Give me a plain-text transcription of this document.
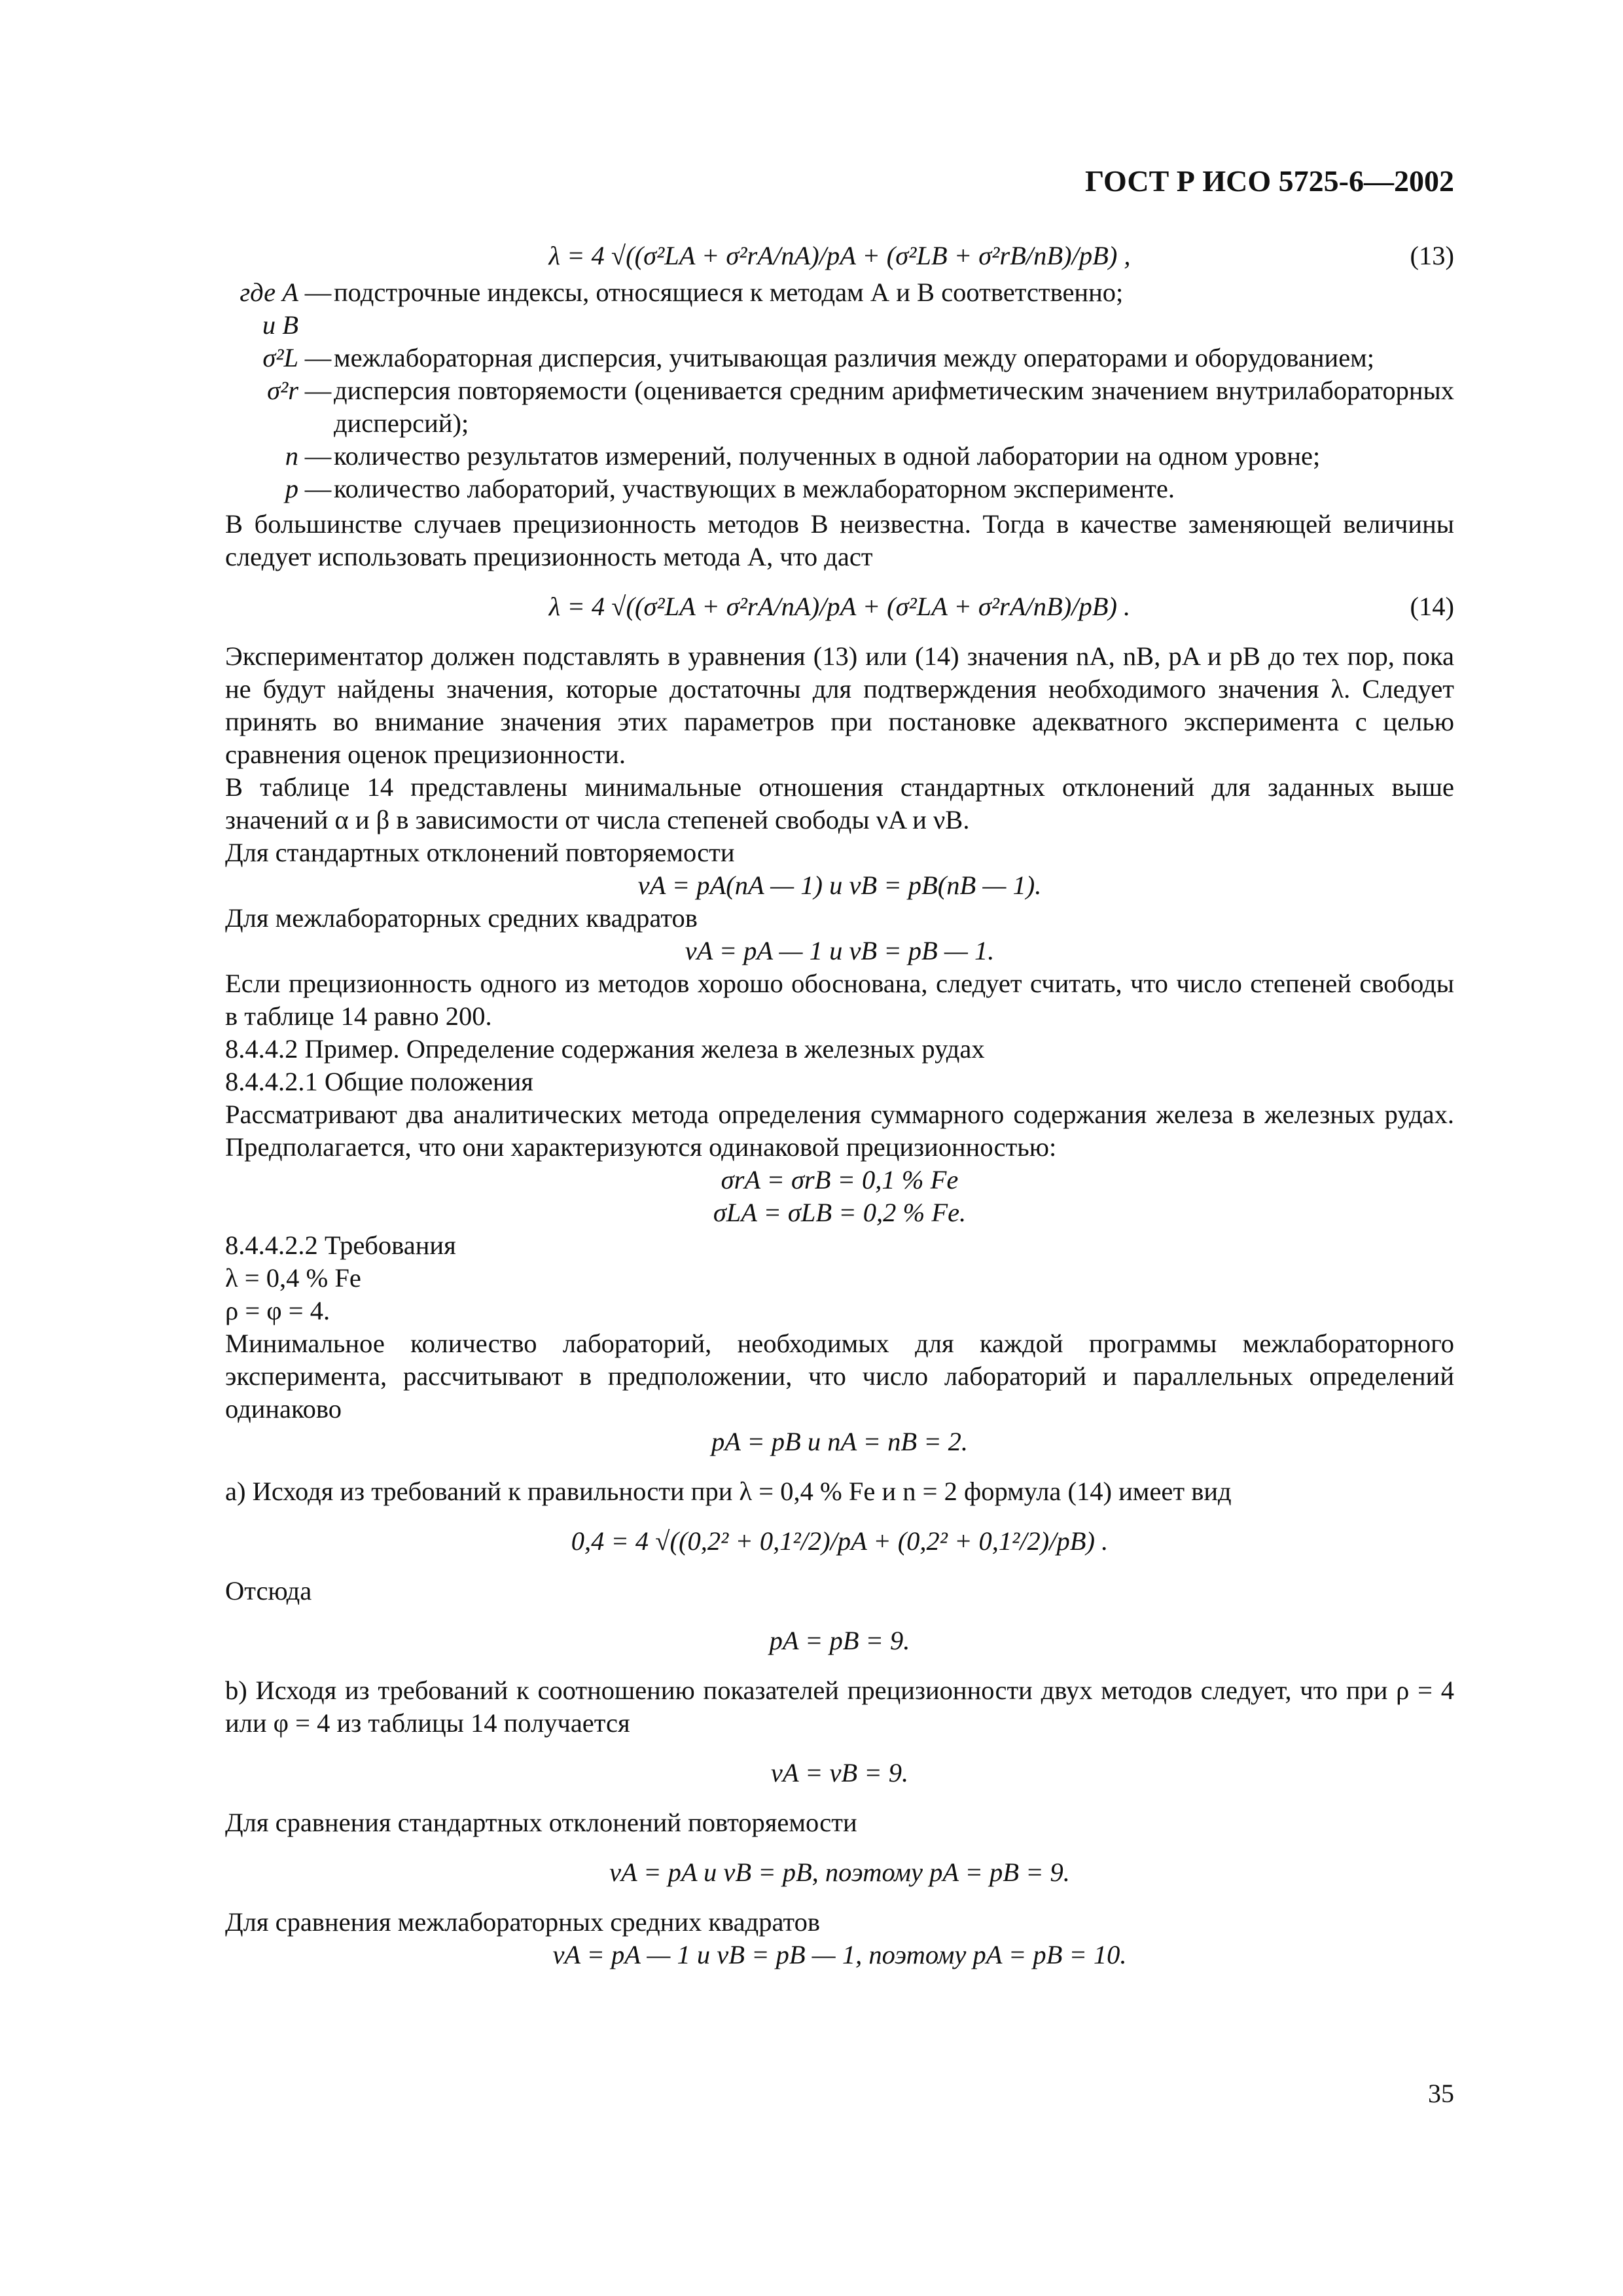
ГОСТ Р ИСО 5725-6—2002
λ = 4 √((σ²LA + σ²rA/nA)/pA + (σ²LB + σ²rB/nB)/pB) ,	(13)
где A и B
— подстрочные индексы, относящиеся к методам А и В соответственно;
σ²L — межлабораторная дисперсия, учитывающая различия между операторами и оборудованием;
σ²r — дисперсия повторяемости (оценивается средним арифметическим значением внутрилабораторных дисперсий);
n — количество результатов измерений, полученных в одной лаборатории на одном уровне;
p — количество лабораторий, участвующих в межлабораторном эксперименте.
В большинстве случаев прецизионность методов В неизвестна. Тогда в качестве заменяющей величины следует использовать прецизионность метода А, что даст
λ = 4 √((σ²LA + σ²rA/nA)/pA + (σ²LA + σ²rA/nB)/pB) .	(14)
Экспериментатор должен подставлять в уравнения (13) или (14) значения nA, nB, pA и pB до тех пор, пока не будут найдены значения, которые достаточны для подтверждения необходимого значения λ. Следует принять во внимание значения этих параметров при постановке адекватного эксперимента с целью сравнения оценок прецизионности.
В таблице 14 представлены минимальные отношения стандартных отклонений для заданных выше значений α и β в зависимости от числа степеней свободы νA и νB.
Для стандартных отклонений повторяемости
νA = pA(nA — 1) и νB = pB(nB — 1).
Для межлабораторных средних квадратов
νA = pA — 1 и νB = pB — 1.
Если прецизионность одного из методов хорошо обоснована, следует считать, что число степеней свободы в таблице 14 равно 200.
8.4.4.2 Пример. Определение содержания железа в железных рудах
8.4.4.2.1 Общие положения
Рассматривают два аналитических метода определения суммарного содержания железа в железных рудах. Предполагается, что они характеризуются одинаковой прецизионностью:
σrA = σrB = 0,1 % Fe
σLA = σLB = 0,2 % Fe.
8.4.4.2.2 Требования
λ = 0,4 % Fe
ρ = φ = 4.
Минимальное количество лабораторий, необходимых для каждой программы межлабораторного эксперимента, рассчитывают в предположении, что число лабораторий и параллельных определений одинаково
pA = pB и nA = nB = 2.
a) Исходя из требований к правильности при λ = 0,4 % Fe и n = 2 формула (14) имеет вид
0,4 = 4 √((0,2² + 0,1²/2)/pA + (0,2² + 0,1²/2)/pB) .
Отсюда
pA = pB = 9.
b) Исходя из требований к соотношению показателей прецизионности двух методов следует, что при ρ = 4 или φ = 4 из таблицы 14 получается
νA = νB = 9.
Для сравнения стандартных отклонений повторяемости
νA = pA и νB = pB, поэтому pA = pB = 9.
Для сравнения межлабораторных средних квадратов
νA = pA — 1 и νB = pB — 1, поэтому pA = pB = 10.
35
